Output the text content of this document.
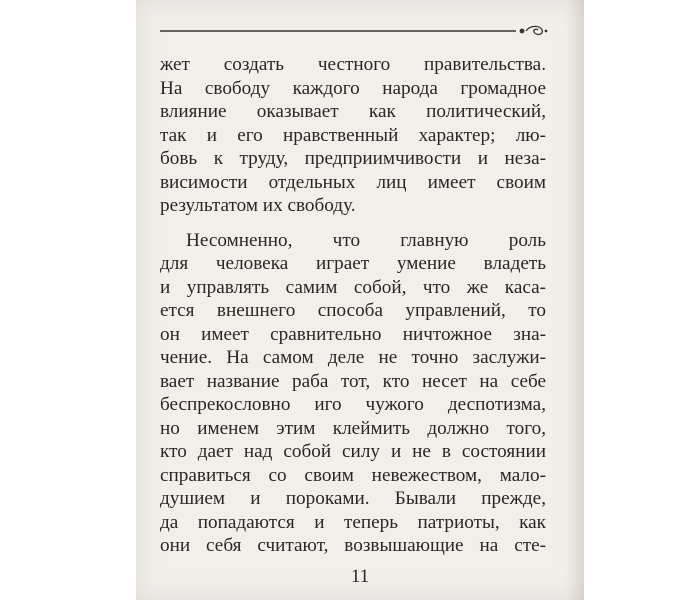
жет создать честного правительства.
На свободу каждого народа громадное
влияние оказывает как политический,
так и его нравственный характер; лю-
бовь к труду, предприимчивости и неза-
висимости отдельных лиц имеет своим
результатом их свободу.
Несомненно, что главную роль
для человека играет умение владеть
и управлять самим собой, что же каса-
ется внешнего способа управлений, то
он имеет сравнительно ничтожное зна-
чение. На самом деле не точно заслужи-
вает название раба тот, кто несет на себе
беспрекословно иго чужого деспотизма,
но именем этим клеймить должно того,
кто дает над собой силу и не в состоянии
справиться со своим невежеством, мало-
душием и пороками. Бывали прежде,
да попадаются и теперь патриоты, как
они себя считают, возвышающие на сте-
11
